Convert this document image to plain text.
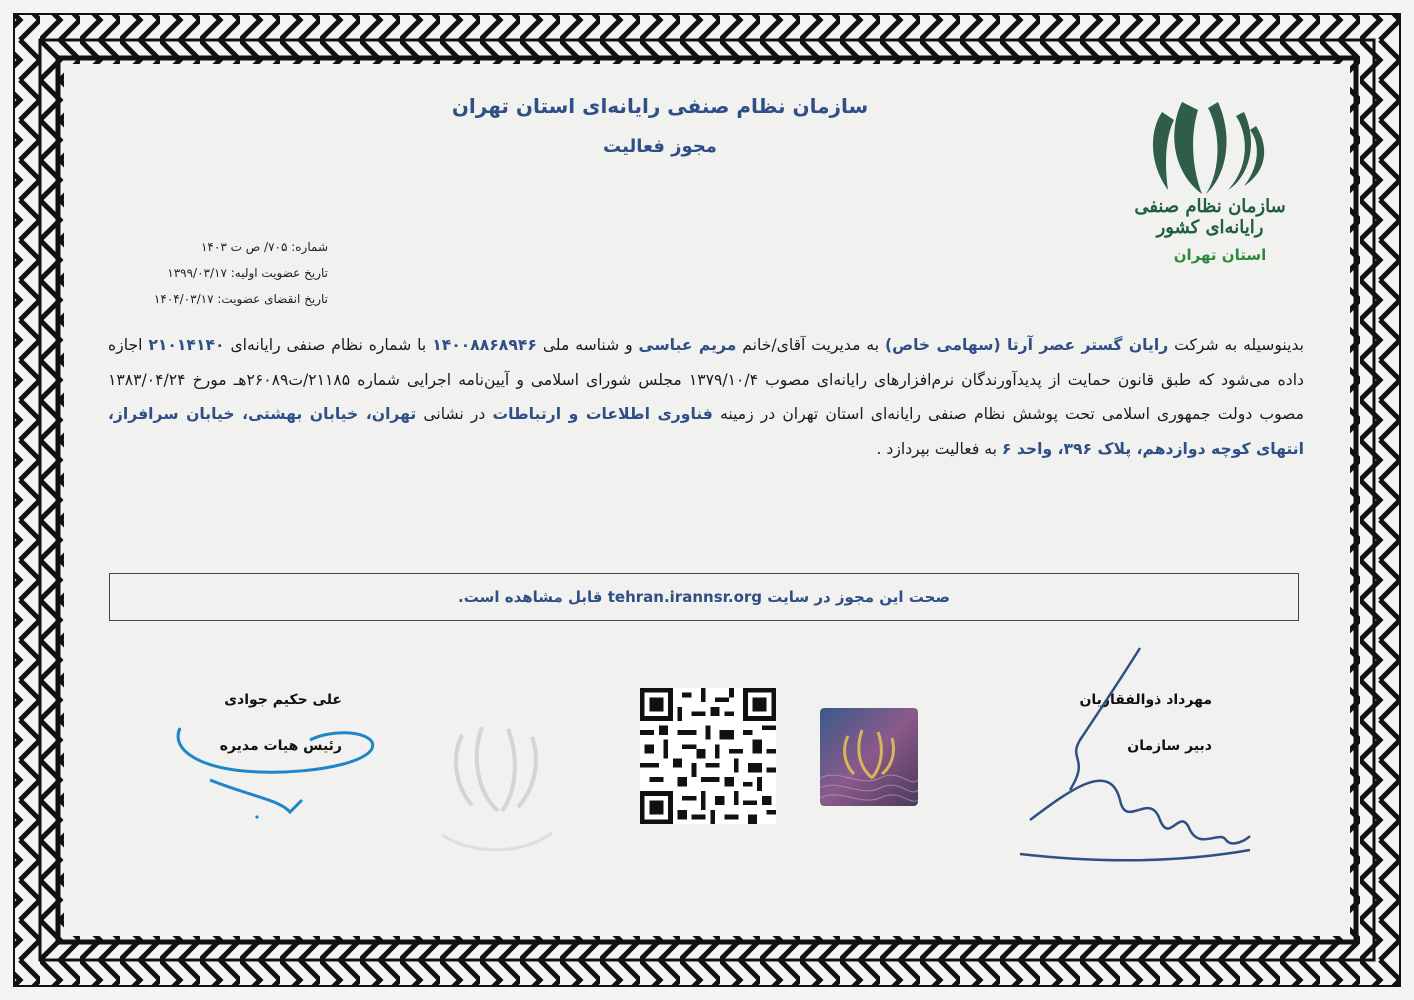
سازمان نظام صنفی رایانه‌ای استان تهران
مجوز فعالیت
سازمان نظام صنفی رایانه‌ای کشور
استان تهران
شماره: ۷۰۵/ ص ت ۱۴۰۳
تاریخ عضویت اولیه: ۱۳۹۹/۰۳/۱۷
تاریخ انقضای عضویت: ۱۴۰۴/۰۳/۱۷
بدینوسیله به شرکت رایان گستر عصر آرتا (سهامی خاص) به مدیریت آقای/خانم مریم عباسی و شناسه ملی ۱۴۰۰۸۸۶۸۹۴۶ با شماره نظام صنفی رایانه‌ای ۲۱۰۱۴۱۴۰ اجازه داده می‌شود که طبق قانون حمایت از پدیدآورندگان نرم‌افزارهای رایانه‌ای مصوب ۱۳۷۹/۱۰/۴ مجلس شورای اسلامی و آیین‌نامه اجرایی شماره ۲۱۱۸۵/ت۲۶۰۸۹هـ مورخ ۱۳۸۳/۰۴/۲۴ مصوب دولت جمهوری اسلامی تحت پوشش نظام صنفی رایانه‌ای استان تهران در زمینه فناوری اطلاعات و ارتباطات در نشانی تهران، خیابان بهشتی، خیابان سرافراز، انتهای کوچه دوازدهم، پلاک ۳۹۶، واحد ۶ به فعالیت بپردازد .
صحت این مجوز در سایت tehran.irannsr.org قابل مشاهده است.
علی حکیم جوادی
رئیس هیات مدیره
مهرداد ذوالفقاریان
دبیر سازمان
